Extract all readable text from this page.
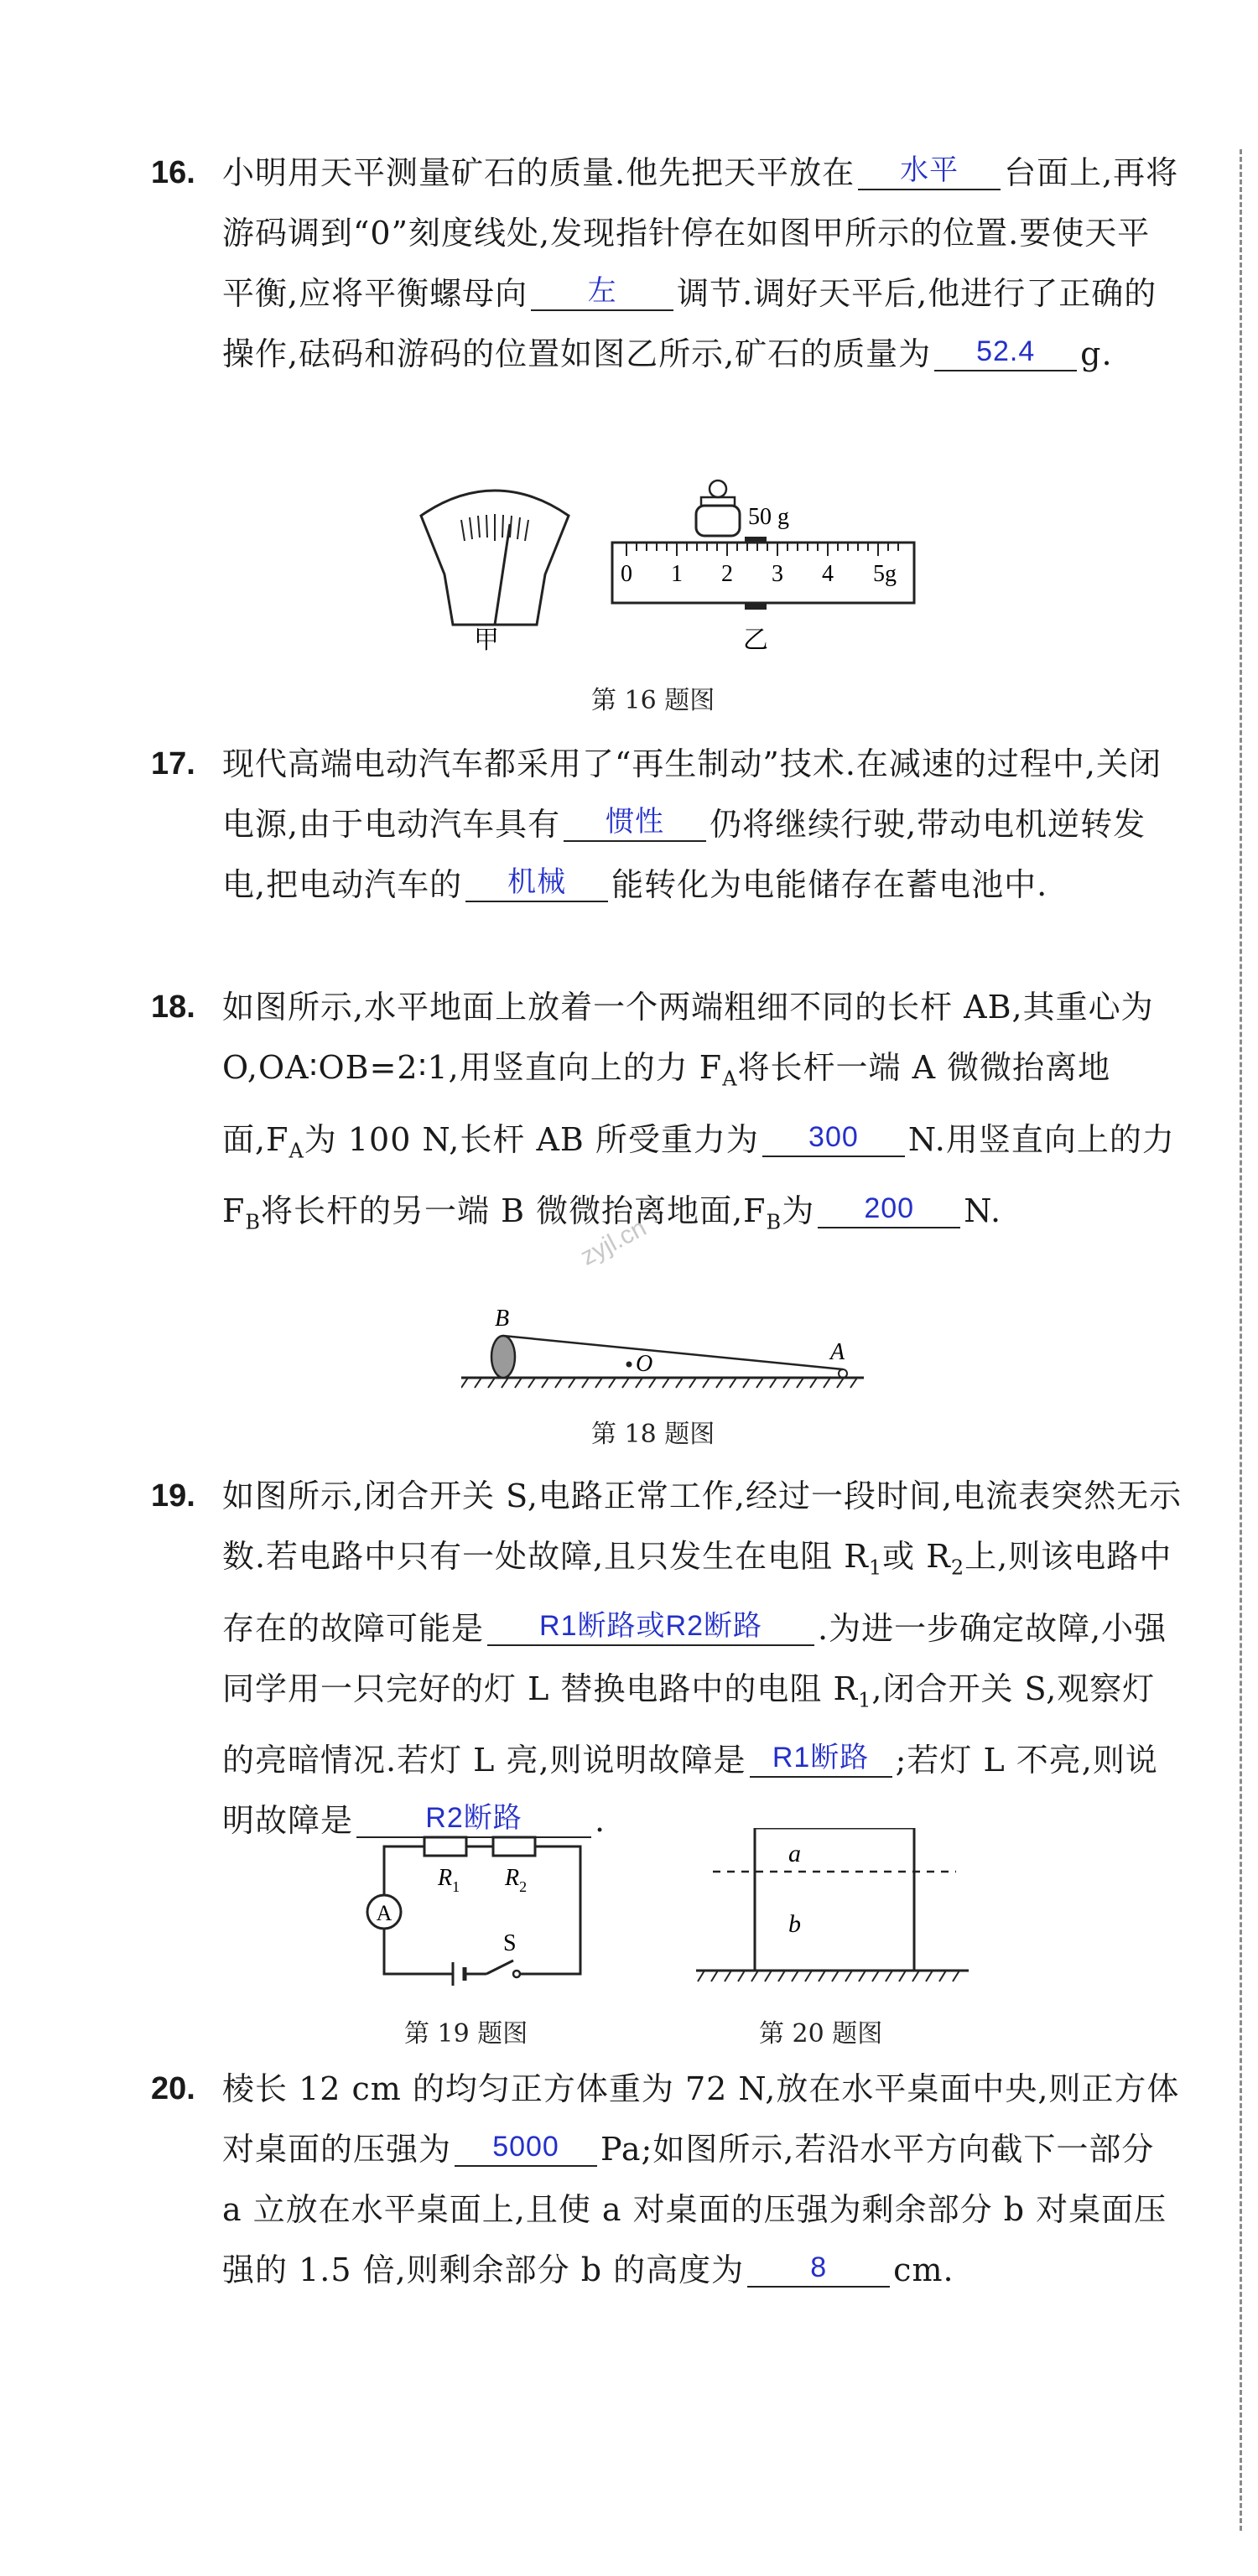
16. 小明用天平测量矿石的质量.他先把天平放在	水平	台面上,再将游码调到“0”刻度线处,发现指针停在如图甲所示的位置.要使天平平衡,应将平衡螺母向	左	调节.调好天平后,他进行了正确的操作,砝码和游码的位置如图乙所示,矿石的质量为	52.4	g.
50 g
0 1 2 3 4 5g
甲	乙
第 16 题图
17. 现代高端电动汽车都采用了“再生制动”技术.在减速的过程中,关闭电源,由于电动汽车具有	惯性	仍将继续行驶,带动电机逆转发电,把电动汽车的	机械	能转化为电能储存在蓄电池中.
18. 如图所示,水平地面上放着一个两端粗细不同的长杆 AB,其重心为 O,OA∶OB=2∶1,用竖直向上的力 $F_A$将长杆一端 A 微微抬离地面$,F_A$为 100 N,长杆 AB 所受重力为	300	N.用竖直向上的力 $F_B$将长杆的另一端 B 微微抬离地面$,F_B$为	200	N.
zyjl.cn
B
O	A
第 18 题图
19. 如图所示,闭合开关 S,电路正常工作,经过一段时间,电流表突然无示数.若电路中只有一处故障,且只发生在电阻 $R_1$或 $R_2$上,则该电路中存在的故障可能是	R1断路或R2断路	.为进一步确定故障,小强同学用一只完好的灯 L 替换电路中的电阻 $R_1$,闭合开关 S,观察灯的亮暗情况.若灯 L 亮,则说明故障是 R1断路 ;若灯 L 不亮,则说明故障是	R2断路	.
$R_1$ $R_2$
A
S
第 19 题图
a
b
第 20 题图
20. 棱长 12 cm 的均匀正方体重为 72 N,放在水平桌面中央,则正方体对桌面的压强为	5000	Pa;如图所示,若沿水平方向截下一部分 a 立放在水平桌面上,且使 a 对桌面的压强为剩余部分 b 对桌面压强的 1.5 倍,则剩余部分 b 的高度为	8	cm.
